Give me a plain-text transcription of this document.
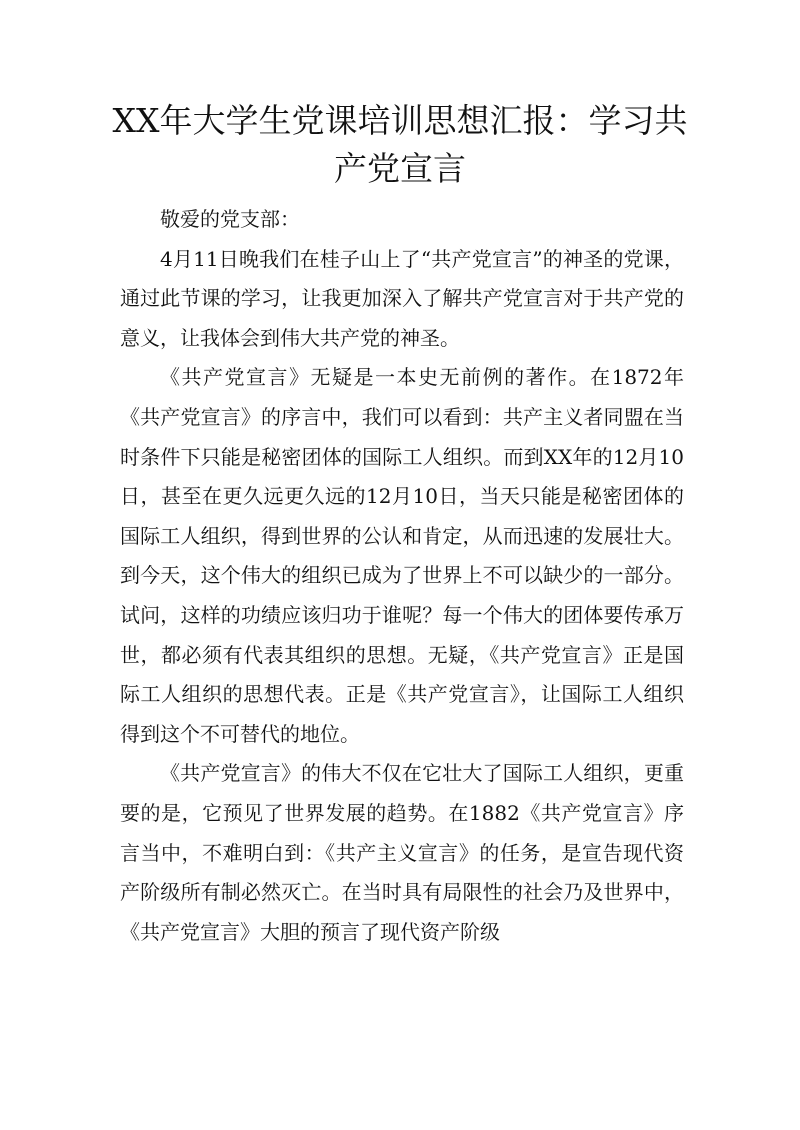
XX年大学生党课培训思想汇报：学习共产党宣言

敬爱的党支部：

4月11日晚我们在桂子山上了“共产党宣言”的神圣的党课，通过此节课的学习，让我更加深入了解共产党宣言对于共产党的意义，让我体会到伟大共产党的神圣。

《共产党宣言》无疑是一本史无前例的著作。在1872年《共产党宣言》的序言中，我们可以看到：共产主义者同盟在当时条件下只能是秘密团体的国际工人组织。而到XX年的12月10日，甚至在更久远更久远的12月10日，当天只能是秘密团体的国际工人组织，得到世界的公认和肯定，从而迅速的发展壮大。到今天，这个伟大的组织已成为了世界上不可以缺少的一部分。试问，这样的功绩应该归功于谁呢？每一个伟大的团体要传承万世，都必须有代表其组织的思想。无疑，《共产党宣言》正是国际工人组织的思想代表。正是《共产党宣言》，让国际工人组织得到这个不可替代的地位。

《共产党宣言》的伟大不仅在它壮大了国际工人组织，更重要的是，它预见了世界发展的趋势。在1882《共产党宣言》序言当中，不难明白到：《共产主义宣言》的任务，是宣告现代资产阶级所有制必然灭亡。在当时具有局限性的社会乃及世界中，《共产党宣言》大胆的预言了现代资产阶级
